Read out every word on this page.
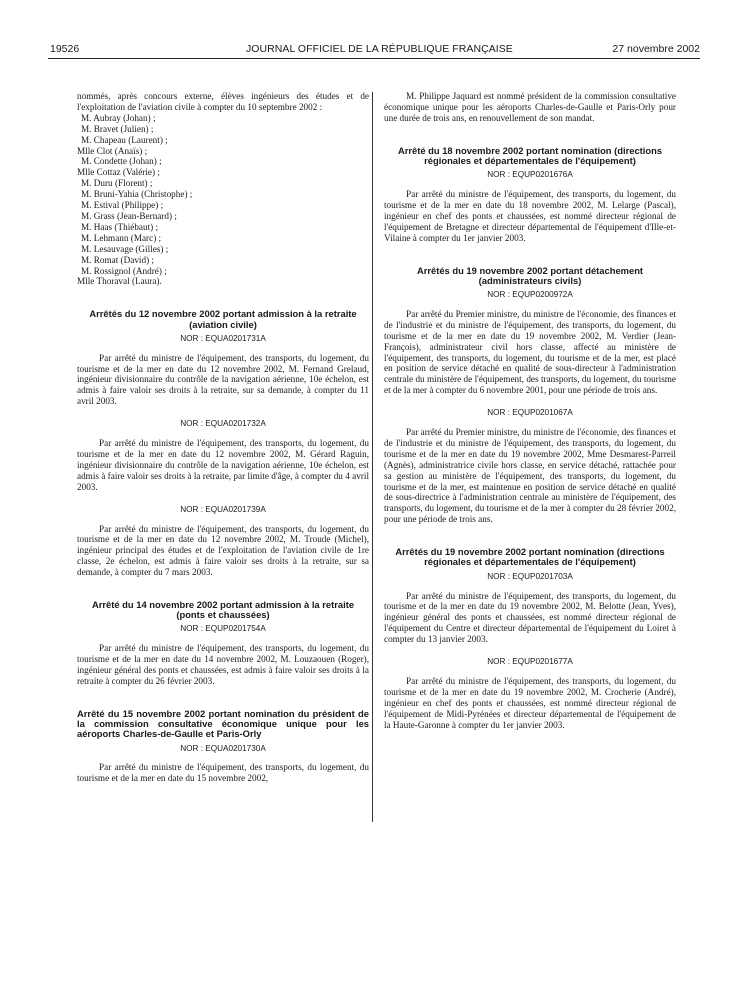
19526	JOURNAL OFFICIEL DE LA RÉPUBLIQUE FRANÇAISE	27 novembre 2002

nommés, après concours externe, élèves ingénieurs des études et de l'exploitation de l'aviation civile à compter du 10 septembre 2002 :

M. Aubray (Johan) ;
M. Bravet (Julien) ;
M. Chapeau (Laurent) ;
Mlle Clot (Anaïs) ;
M. Condette (Johan) ;
Mlle Cottaz (Valérie) ;
M. Duru (Florent) ;
M. Bruni-Yahia (Christophe) ;
M. Estival (Philippe) ;
M. Grass (Jean-Bernard) ;
M. Haas (Thiébaut) ;
M. Lehmann (Marc) ;
M. Lesauvage (Gilles) ;
M. Romat (David) ;
M. Rossignol (André) ;
Mlle Thoraval (Laura).

Arrêtés du 12 novembre 2002 portant admission à la retraite (aviation civile)

NOR : EQUA0201731A

Par arrêté du ministre de l'équipement, des transports, du logement, du tourisme et de la mer en date du 12 novembre 2002, M. Fernand Grelaud, ingénieur divisionnaire du contrôle de la navigation aérienne, 10e échelon, est admis à faire valoir ses droits à la retraite, sur sa demande, à compter du 11 avril 2003.

NOR : EQUA0201732A

Par arrêté du ministre de l'équipement, des transports, du logement, du tourisme et de la mer en date du 12 novembre 2002, M. Gérard Raguin, ingénieur divisionnaire du contrôle de la navigation aérienne, 10e échelon, est admis à faire valoir ses droits à la retraite, par limite d'âge, à compter du 4 avril 2003.

NOR : EQUA0201739A

Par arrêté du ministre de l'équipement, des transports, du logement, du tourisme et de la mer en date du 12 novembre 2002, M. Troude (Michel), ingénieur principal des études et de l'exploitation de l'aviation civile de 1re classe, 2e échelon, est admis à faire valoir ses droits à la retraite, sur sa demande, à compter du 7 mars 2003.

Arrêté du 14 novembre 2002 portant admission à la retraite (ponts et chaussées)

NOR : EQUP0201754A

Par arrêté du ministre de l'équipement, des transports, du logement, du tourisme et de la mer en date du 14 novembre 2002, M. Louzaouen (Roger), ingénieur général des ponts et chaussées, est admis à faire valoir ses droits à la retraite à compter du 26 février 2003.

Arrêté du 15 novembre 2002 portant nomination du président de la commission consultative économique unique pour les aéroports Charles-de-Gaulle et Paris-Orly

NOR : EQUA0201730A

Par arrêté du ministre de l'équipement, des transports, du logement, du tourisme et de la mer en date du 15 novembre 2002,

M. Philippe Jaquard est nommé président de la commission consultative économique unique pour les aéroports Charles-de-Gaulle et Paris-Orly pour une durée de trois ans, en renouvellement de son mandat.

Arrêté du 18 novembre 2002 portant nomination (directions régionales et départementales de l'équipement)

NOR : EQUP0201676A

Par arrêté du ministre de l'équipement, des transports, du logement, du tourisme et de la mer en date du 18 novembre 2002, M. Lelarge (Pascal), ingénieur en chef des ponts et chaussées, est nommé directeur régional de l'équipement de Bretagne et directeur départemental de l'équipement d'Ille-et-Vilaine à compter du 1er janvier 2003.

Arrêtés du 19 novembre 2002 portant détachement (administrateurs civils)

NOR : EQUP0200972A

Par arrêté du Premier ministre, du ministre de l'économie, des finances et de l'industrie et du ministre de l'équipement, des transports, du logement, du tourisme et de la mer en date du 19 novembre 2002, M. Verdier (Jean-François), administrateur civil hors classe, affecté au ministère de l'équipement, des transports, du logement, du tourisme et de la mer, est placé en position de service détaché en qualité de sous-directeur à l'administration centrale du ministère de l'équipement, des transports, du logement, du tourisme et de la mer à compter du 6 novembre 2001, pour une période de trois ans.

NOR : EQUP0201067A

Par arrêté du Premier ministre, du ministre de l'économie, des finances et de l'industrie et du ministre de l'équipement, des transports, du logement, du tourisme et de la mer en date du 19 novembre 2002, Mme Desmarest-Parreil (Agnès), administratrice civile hors classe, en service détaché, rattachée pour sa gestion au ministère de l'équipement, des transports, du logement, du tourisme et de la mer, est maintenue en position de service détaché en qualité de sous-directrice à l'administration centrale au ministère de l'équipement, des transports, du logement, du tourisme et de la mer à compter du 28 février 2002, pour une période de trois ans.

Arrêtés du 19 novembre 2002 portant nomination (directions régionales et départementales de l'équipement)

NOR : EQUP0201703A

Par arrêté du ministre de l'équipement, des transports, du logement, du tourisme et de la mer en date du 19 novembre 2002, M. Belotte (Jean, Yves), ingénieur général des ponts et chaussées, est nommé directeur régional de l'équipement du Centre et directeur départemental de l'équipement du Loiret à compter du 13 janvier 2003.

NOR : EQUP0201677A

Par arrêté du ministre de l'équipement, des transports, du logement, du tourisme et de la mer en date du 19 novembre 2002, M. Crocherie (André), ingénieur en chef des ponts et chaussées, est nommé directeur régional de l'équipement de Midi-Pyrénées et directeur départemental de l'équipement de la Haute-Garonne à compter du 1er janvier 2003.
